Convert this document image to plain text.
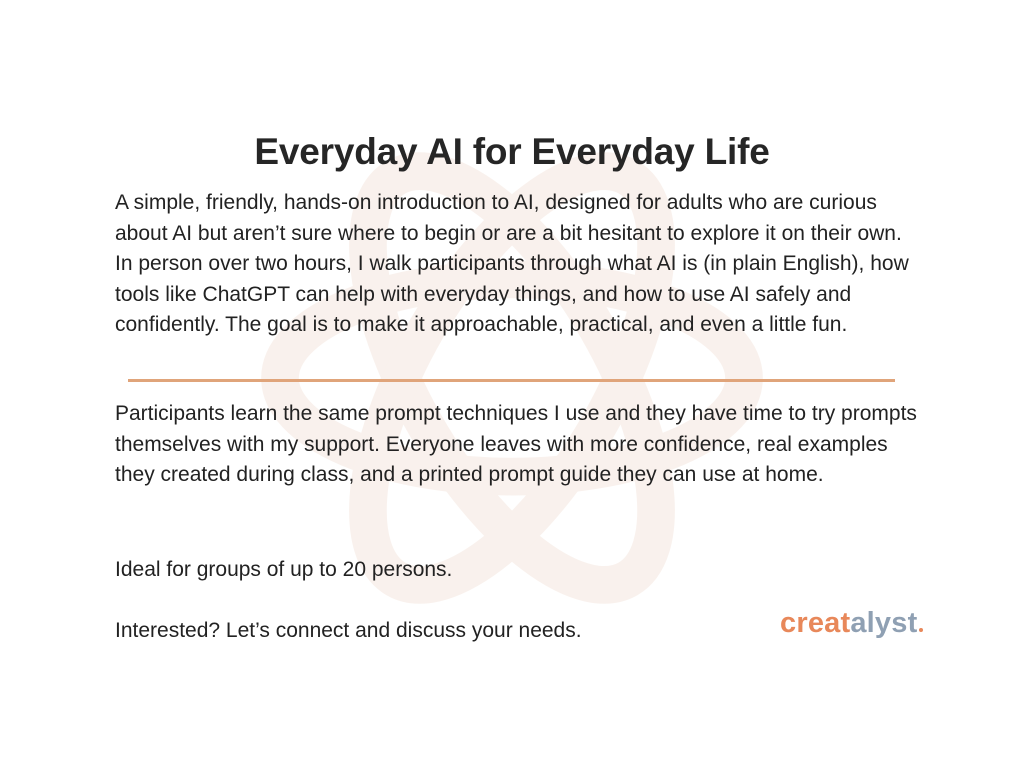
Everyday AI for Everyday Life

A simple, friendly, hands-on introduction to AI, designed for adults who are curious about AI but aren’t sure where to begin or are a bit hesitant to explore it on their own. In person over two hours, I walk participants through what AI is (in plain English), how tools like ChatGPT can help with everyday things, and how to use AI safely and confidently. The goal is to make it approachable, practical, and even a little fun.

Participants learn the same prompt techniques I use and they have time to try prompts themselves with my support. Everyone leaves with more confidence, real examples they created during class, and a printed prompt guide they can use at home.

Ideal for groups of up to 20 persons.

Interested? Let’s connect and discuss your needs.	creatalyst
